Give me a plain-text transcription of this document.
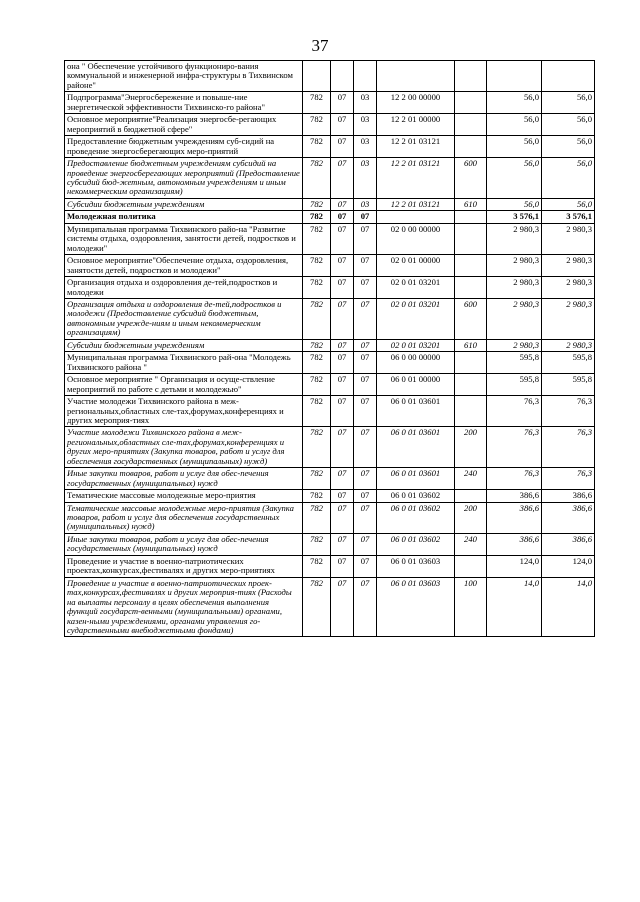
37
она " Обеспечение устойчивого функциониро-вания коммунальной и инженерной инфра-структуры в Тихвинском районе"							
Подпрограмма"Энергосбережение и повыше-ние энергетической эффективности Тихвинско-го района"	782	07	03	12 2 00 00000		56,0	56,0
Основное мероприятие"Реализация энергосбе-регающих мероприятий в бюджетной сфере"	782	07	03	12 2 01 00000		56,0	56,0
Предоставление бюджетным учреждениям суб-сидий на проведение энергосберегающих меро-приятий	782	07	03	12 2 01 03121		56,0	56,0
Предоставление бюджетным учреждениям субсидий на проведение энергосберегающих мероприятий (Предоставление субсидий бюд-жетным, автономным учреждениям и иным некоммерческим организациям)	782	07	03	12 2 01 03121	600	56,0	56,0
Субсидии бюджетным учреждениям	782	07	03	12 2 01 03121	610	56,0	56,0
Молодежная политика	782	07	07			3 576,1	3 576,1
Муниципальная программа Тихвинского райо-на "Развитие системы отдыха, оздоровления, занятости детей, подростков и молодежи"	782	07	07	02 0 00 00000		2 980,3	2 980,3
Основное мероприятие"Обеспечение отдыха, оздоровления, занятости детей, подростков и молодежи"	782	07	07	02 0 01 00000		2 980,3	2 980,3
Организация отдыха и оздоровления де-тей,подростков и молодежи	782	07	07	02 0 01 03201		2 980,3	2 980,3
Организация отдыха и оздоровления де-тей,подростков и молодежи (Предоставление субсидий бюджетным, автономным учрежде-ниям и иным некоммерческим организациям)	782	07	07	02 0 01 03201	600	2 980,3	2 980,3
Субсидии бюджетным учреждениям	782	07	07	02 0 01 03201	610	2 980,3	2 980,3
Муниципальная программа Тихвинского рай-она "Молодежь Тихвинского района "	782	07	07	06 0 00 00000		595,8	595,8
Основное мероприятие " Организация и осуще-ствление мероприятий по работе с детьми и молодежью"	782	07	07	06 0 01 00000		595,8	595,8
Участие молодежи Тихвинского района в меж-региональных,областных сле-тах,форумах,конференциях и других мероприя-тиях	782	07	07	06 0 01 03601		76,3	76,3
Участие молодежи Тихвинского района в меж-региональных,областных сле-тах,форумах,конференциях и других меро-приятиях (Закупка товаров, работ и услуг для обеспечения государственных (муниципальных) нужд)	782	07	07	06 0 01 03601	200	76,3	76,3
Иные закупки товаров, работ и услуг для обес-печения государственных (муниципальных) нужд	782	07	07	06 0 01 03601	240	76,3	76,3
Тематические массовые молодежные меро-приятия	782	07	07	06 0 01 03602		386,6	386,6
Тематические массовые молодежные меро-приятия (Закупка товаров, работ и услуг для обеспечения государственных (муниципальных) нужд)	782	07	07	06 0 01 03602	200	386,6	386,6
Иные закупки товаров, работ и услуг для обес-печения государственных (муниципальных) нужд	782	07	07	06 0 01 03602	240	386,6	386,6
Проведение и участие в военно-патриотических проектах,конкурсах,фестивалях и других меро-приятиях	782	07	07	06 0 01 03603		124,0	124,0
Проведение и участие в военно-патриотических проек-тах,конкурсах,фестивалях и других мероприя-тиях (Расходы на выплаты персоналу в целях обеспечения выполнения функций государст-венными (муниципальными) органами, казен-ными учреждениями, органами управления го-сударственными внебюджетными фондами)	782	07	07	06 0 01 03603	100	14,0	14,0
